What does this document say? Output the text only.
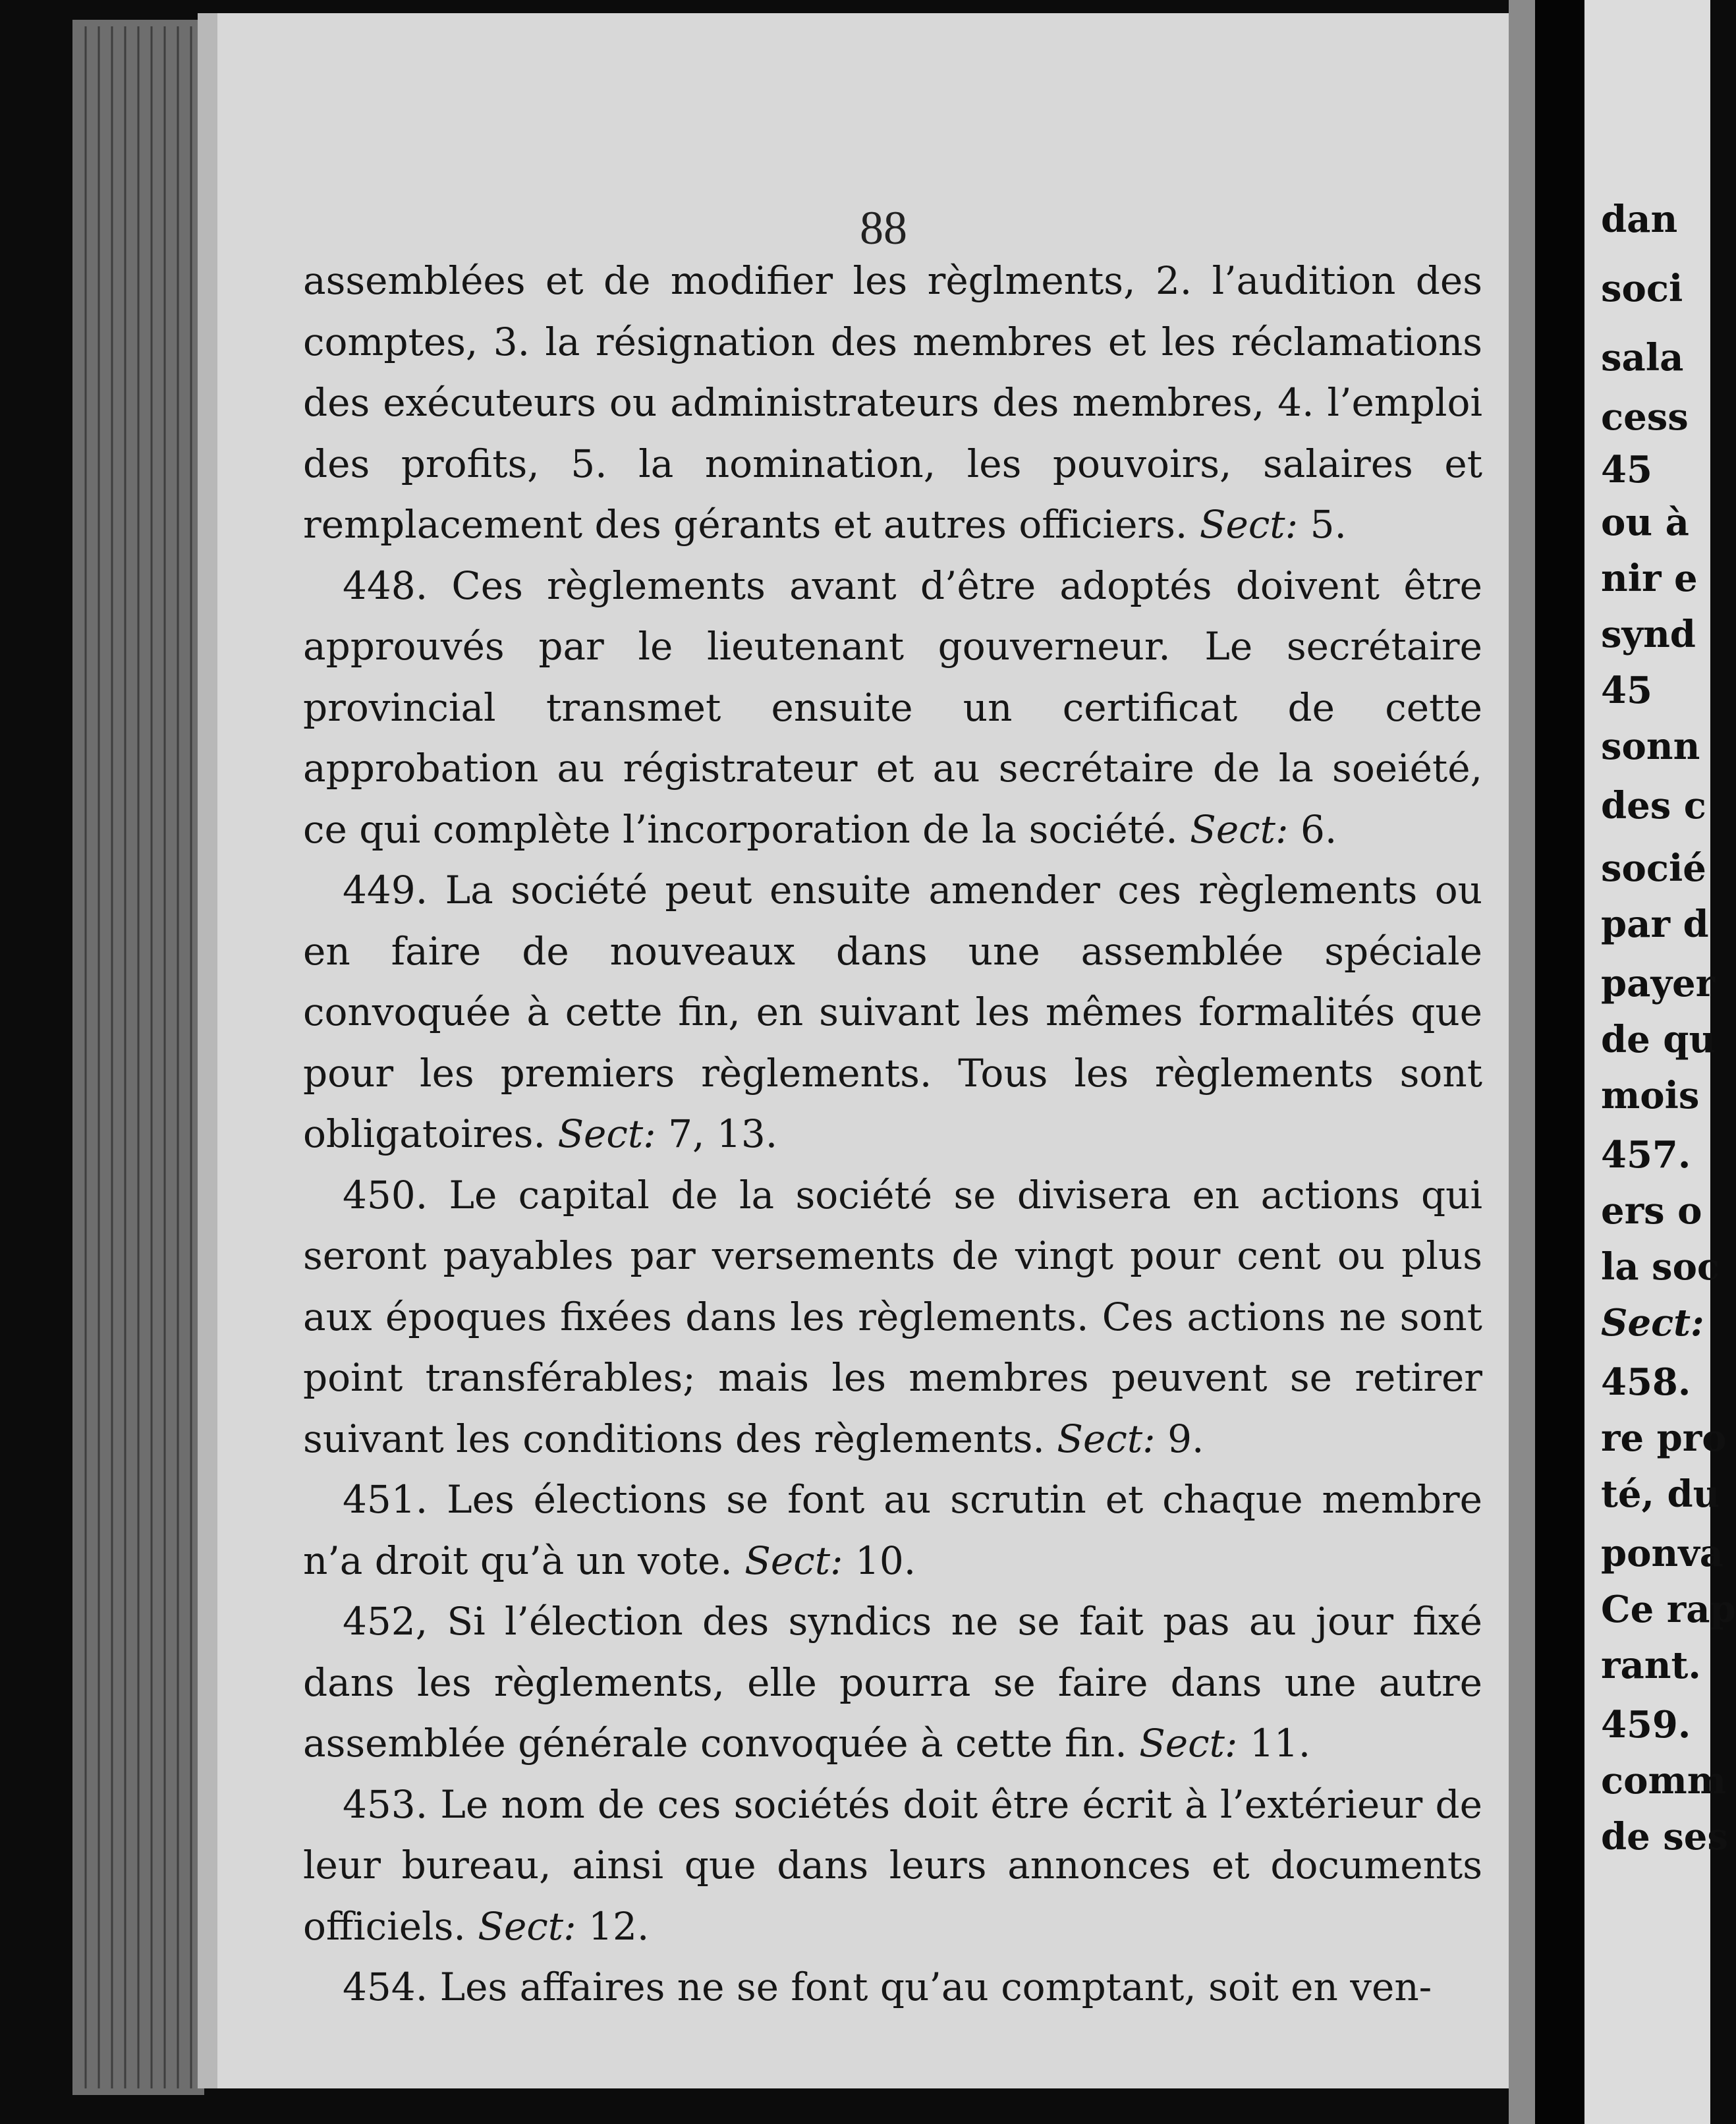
88

assemblées et de modifier les règlments, 2. l’audition des comptes, 3. la résignation des membres et les réclamations des exécuteurs ou administrateurs des membres, 4. l’emploi des profits, 5. la nomination, les pouvoirs, salaires et remplacement des gérants et autres officiers. Sect: 5.

448. Ces règlements avant d’être adoptés doivent être approuvés par le lieutenant gouverneur. Le secrétaire provincial transmet ensuite un certificat de cette approbation au régistrateur et au secrétaire de la soeiété, ce qui complète l’incorporation de la société. Sect: 6.

449. La société peut ensuite amender ces règlements ou en faire de nouveaux dans une assemblée spéciale convoquée à cette fin, en suivant les mêmes formalités que pour les premiers règlements. Tous les règlements sont obligatoires. Sect: 7, 13.

450. Le capital de la société se divisera en actions qui seront payables par versements de vingt pour cent ou plus aux époques fixées dans les règlements. Ces actions ne sont point transférables; mais les membres peuvent se retirer suivant les conditions des règlements. Sect: 9.

451. Les élections se font au scrutin et chaque membre n’a droit qu’à un vote. Sect: 10.

452, Si l’élection des syndics ne se fait pas au jour fixé dans les règlements, elle pourra se faire dans une autre assemblée générale convoquée à cette fin. Sect: 11.

453. Le nom de ces sociétés doit être écrit à l’extérieur de leur bureau, ainsi que dans leurs annonces et documents officiels. Sect: 12.

454. Les affaires ne se font qu’au comptant, soit en ven-

dan
soci
sala
cess
45
ou à
nir e
synd
45
sonn
des c
socié
par d
payer
de qu
mois
457.
ers o
la soc
Sect:
458.
re pro
té, du
ponva
Ce rap
rant.
459.
comm
de ses
